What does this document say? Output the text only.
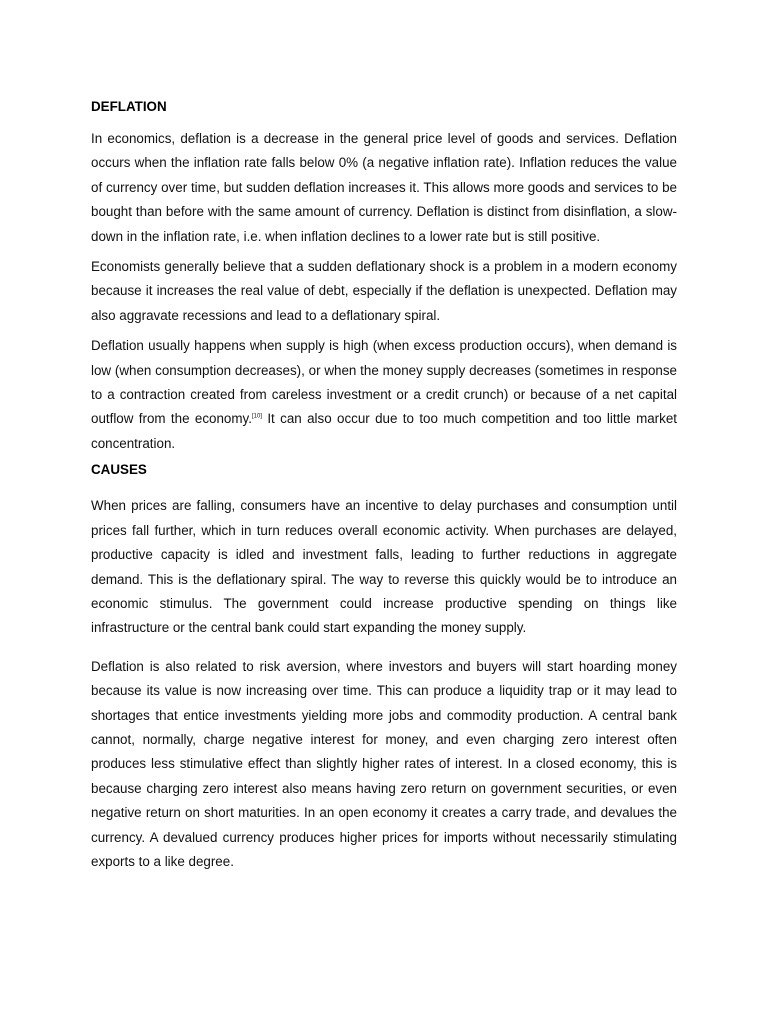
DEFLATION

In economics, deflation is a decrease in the general price level of goods and services. Deflation occurs when the inflation rate falls below 0% (a negative inflation rate). Inflation reduces the value of currency over time, but sudden deflation increases it. This allows more goods and services to be bought than before with the same amount of currency. Deflation is distinct from disinflation, a slow-down in the inflation rate, i.e. when inflation declines to a lower rate but is still positive.

Economists generally believe that a sudden deflationary shock is a problem in a modern economy because it increases the real value of debt, especially if the deflation is unexpected. Deflation may also aggravate recessions and lead to a deflationary spiral.

Deflation usually happens when supply is high (when excess production occurs), when demand is low (when consumption decreases), or when the money supply decreases (sometimes in response to a contraction created from careless investment or a credit crunch) or because of a net capital outflow from the economy.[10] It can also occur due to too much competition and too little market concentration.

CAUSES

When prices are falling, consumers have an incentive to delay purchases and consumption until prices fall further, which in turn reduces overall economic activity. When purchases are delayed, productive capacity is idled and investment falls, leading to further reductions in aggregate demand. This is the deflationary spiral. The way to reverse this quickly would be to introduce an economic stimulus. The government could increase productive spending on things like infrastructure or the central bank could start expanding the money supply.

Deflation is also related to risk aversion, where investors and buyers will start hoarding money because its value is now increasing over time. This can produce a liquidity trap or it may lead to shortages that entice investments yielding more jobs and commodity production. A central bank cannot, normally, charge negative interest for money, and even charging zero interest often produces less stimulative effect than slightly higher rates of interest. In a closed economy, this is because charging zero interest also means having zero return on government securities, or even negative return on short maturities. In an open economy it creates a carry trade, and devalues the currency. A devalued currency produces higher prices for imports without necessarily stimulating exports to a like degree.
